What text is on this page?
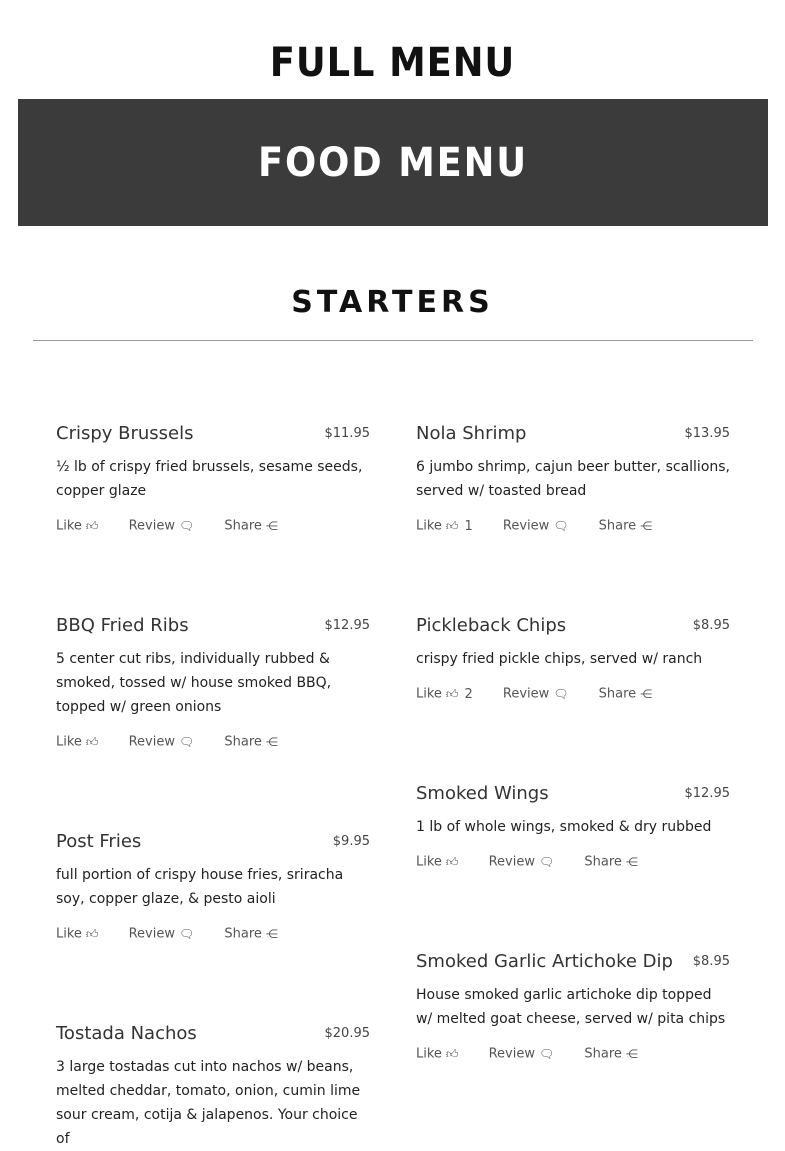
FULL MENU
FOOD MENU
STARTERS
Crispy Brussels	$11.95
½ lb of crispy fried brussels, sesame seeds, copper glaze
Like 👍︎ Review 🗨︎ Share ⋲
Nola Shrimp	$13.95
6 jumbo shrimp, cajun beer butter, scallions, served w/ toasted bread
Like 👍︎ 1 Review 🗨︎ Share ⋲
BBQ Fried Ribs	$12.95
5 center cut ribs, individually rubbed & smoked, tossed w/ house smoked BBQ, topped w/ green onions
Like 👍︎ Review 🗨︎ Share ⋲
Pickleback Chips	$8.95
crispy fried pickle chips, served w/ ranch
Like 👍︎ 2 Review 🗨︎ Share ⋲
Smoked Wings	$12.95
1 lb of whole wings, smoked & dry rubbed
Like 👍︎ Review 🗨︎ Share ⋲
Post Fries	$9.95
full portion of crispy house fries, sriracha soy, copper glaze, & pesto aioli
Like 👍︎ Review 🗨︎ Share ⋲
Smoked Garlic Artichoke Dip $8.95
House smoked garlic artichoke dip topped w/ melted goat cheese, served w/ pita chips
Like 👍︎ Review 🗨︎ Share ⋲
Tostada Nachos	$20.95
3 large tostadas cut into nachos w/ beans, melted cheddar, tomato, onion, cumin lime sour cream, cotija & jalapenos. Your choice of
